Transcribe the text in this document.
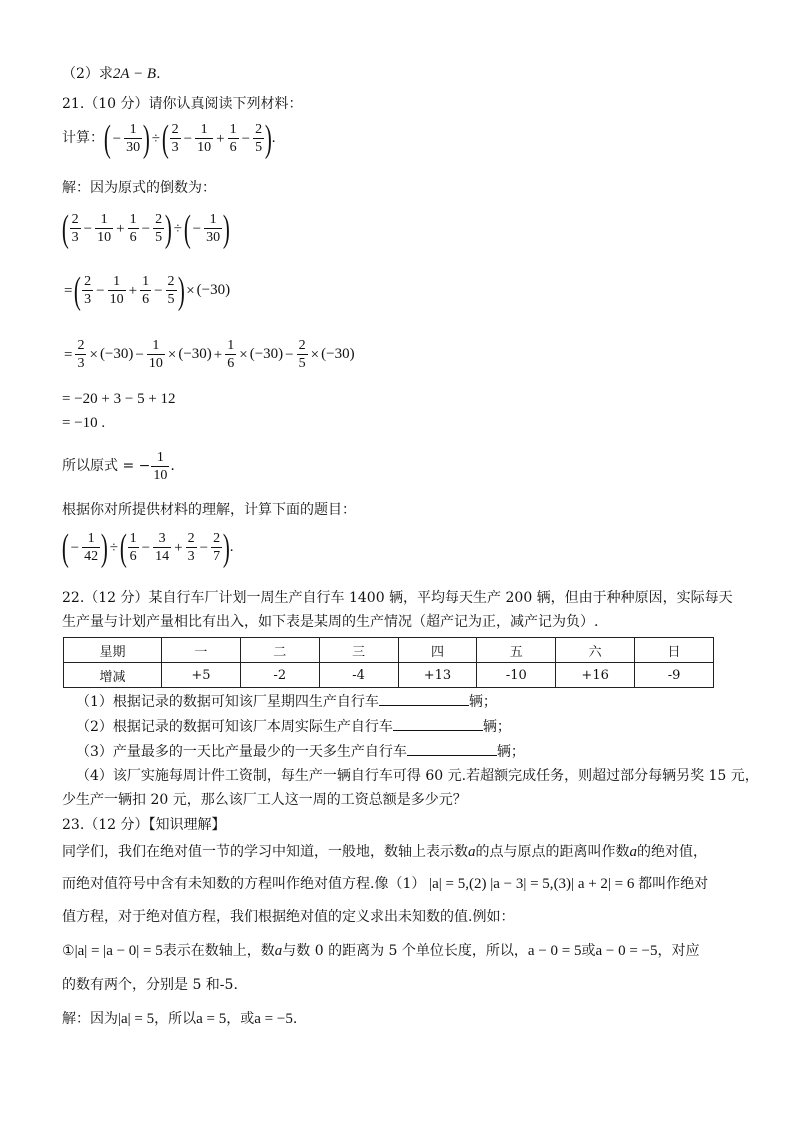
（2）求2A − B.
21.（10 分）请你认真阅读下列材料：
计算：( − $\frac{1}{30}$ ) ÷( $\frac{2}{3} - \frac{1}{10} + \frac{1}{6} - \frac{2}{5}$ ).
解：因为原式的倒数为：
( $\frac{2}{3} - \frac{1}{10} + \frac{1}{6} - \frac{2}{5}$ ) ÷( − $\frac{1}{30}$ )
=( $\frac{2}{3} - \frac{1}{10} + \frac{1}{6} - \frac{2}{5}$ ) × (−30)
= $\frac{2}{3} \times (-30) - \frac{1}{10} \times (-30) + \frac{1}{6} \times (-30) - \frac{2}{5} \times (-30)$
= −20 + 3 − 5 + 12
= −10 .
所以原式 = − $\frac{1}{10}$ .
根据你对所提供材料的理解，计算下面的题目：
( − $\frac{1}{42}$ ) ÷( $\frac{1}{6} - \frac{3}{14} + \frac{2}{3} - \frac{2}{7}$ ).
22.（12 分）某自行车厂计划一周生产自行车 1400 辆，平均每天生产 200 辆，但由于种种原因，实际每天
生产量与计划产量相比有出入，如下表是某周的生产情况（超产记为正，减产记为负）.
星期	一	二	三	四	五	六	日
增减	+5	-2	-4	+13	-10	+16	-9
（1）根据记录的数据可知该厂星期四生产自行车	辆；
（2）根据记录的数据可知该厂本周实际生产自行车	辆；
（3）产量最多的一天比产量最少的一天多生产自行车	辆；
（4）该厂实施每周计件工资制，每生产一辆自行车可得 60 元.若超额完成任务，则超过部分每辆另奖 15 元，
少生产一辆扣 20 元，那么该厂工人这一周的工资总额是多少元？
23.（12 分）【知识理解】
同学们，我们在绝对值一节的学习中知道，一般地，数轴上表示数a的点与原点的距离叫作数a的绝对值，
而绝对值符号中含有未知数的方程叫作绝对值方程.像（1） |a| = 5,(2) |a − 3| = 5,(3)| a + 2| = 6 都叫作绝对
值方程，对于绝对值方程，我们根据绝对值的定义求出未知数的值.例如：
①|a| = |a − 0| = 5表示在数轴上，数a与数 0 的距离为 5 个单位长度，所以，a − 0 = 5或a − 0 = −5，对应
的数有两个，分别是 5 和-5.
解：因为|a| = 5，所以a = 5，或a = −5.
